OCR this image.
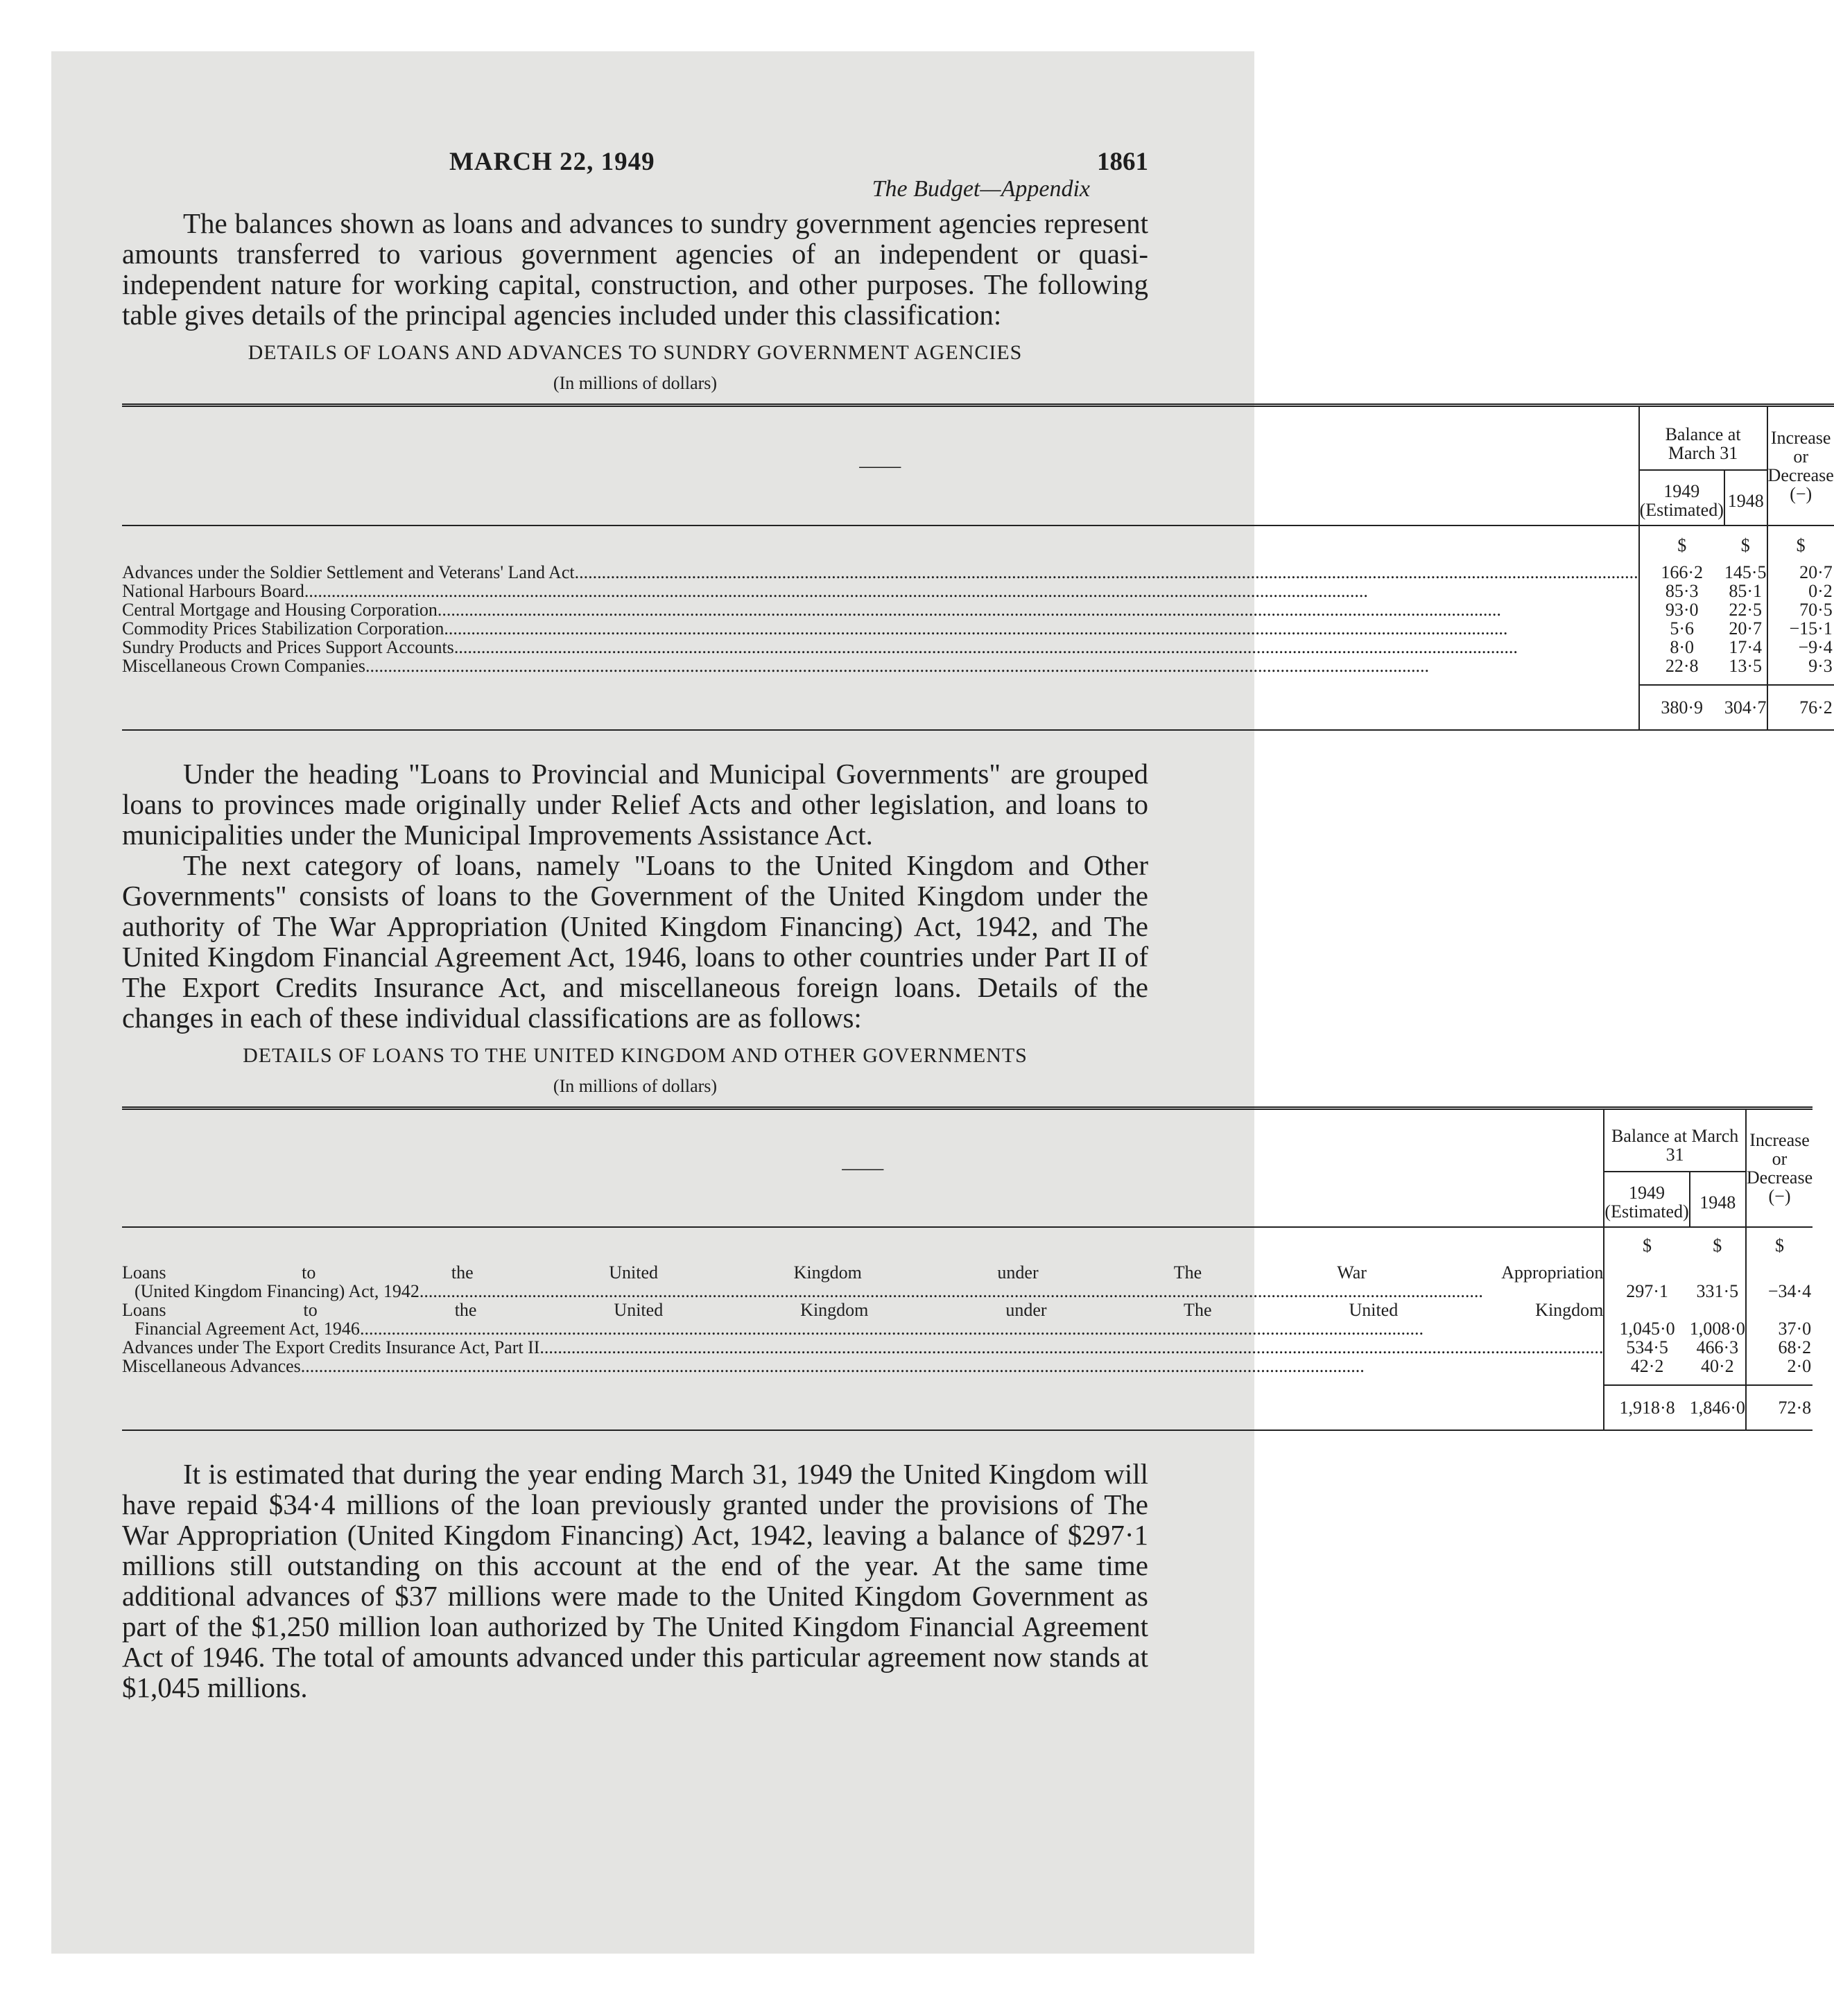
MARCH 22, 1949	1861
The Budget—Appendix

The balances shown as loans and advances to sundry government agencies represent amounts transferred to various government agencies of an independent or quasi-independent nature for working capital, construction, and other purposes. The following table gives details of the principal agencies included under this classification:

DETAILS OF LOANS AND ADVANCES TO SUNDRY GOVERNMENT AGENCIES
(In millions of dollars)
——	Balance at March 31		Increase
or
Decrease
(−)

	1949
(Estimated)	1948	
	$	$	$

Advances under the Soldier Settlement and Veterans' Land Act
.....	166·2	145·5	20·7

National Harbours Board
.....	85·3	85·1	0·2

Central Mortgage and Housing Corporation
.....	93·0	22·5	70·5

Commodity Prices Stabilization Corporation
.....	5·6	20·7	−15·1

Sundry Products and Prices Support Accounts
.....	8·0	17·4	−9·4

Miscellaneous Crown Companies
.....	22·8	13·5	9·3

	380·9	304·7	76·2

Under the heading "Loans to Provincial and Municipal Governments" are grouped loans to provinces made originally under Relief Acts and other legislation, and loans to municipalities under the Municipal Improvements Assistance Act.

The next category of loans, namely "Loans to the United Kingdom and Other Governments" consists of loans to the Government of the United Kingdom under the authority of The War Appropriation (United Kingdom Financing) Act, 1942, and The United Kingdom Financial Agreement Act, 1946, loans to other countries under Part II of The Export Credits Insurance Act, and miscellaneous foreign loans. Details of the changes in each of these individual classifications are as follows:

DETAILS OF LOANS TO THE UNITED KINGDOM AND OTHER GOVERNMENTS
(In millions of dollars)
——	Balance at March 31		Increase
or
Decrease
(−)

	1949
(Estimated)	1948	
	$	$	$

Loans to the United Kingdom under The War Appropriation			

(United Kingdom Financing) Act, 1942
.....	297·1	331·5	−34·4
Loans to the United Kingdom under The United Kingdom			

Financial Agreement Act, 1946
.....	1,045·0	1,008·0	37·0

Advances under The Export Credits Insurance Act, Part II
.....	534·5	466·3	68·2

Miscellaneous Advances
.....	42·2	40·2	2·0

	1,918·8	1,846·0	72·8

It is estimated that during the year ending March 31, 1949 the United Kingdom will have repaid $34·4 millions of the loan previously granted under the provisions of The War Appropriation (United Kingdom Financing) Act, 1942, leaving a balance of $297·1 millions still outstanding on this account at the end of the year. At the same time additional advances of $37 millions were made to the United Kingdom Government as part of the $1,250 million loan authorized by The United Kingdom Financial Agreement Act of 1946. The total of amounts advanced under this particular agreement now stands at $1,045 millions.
